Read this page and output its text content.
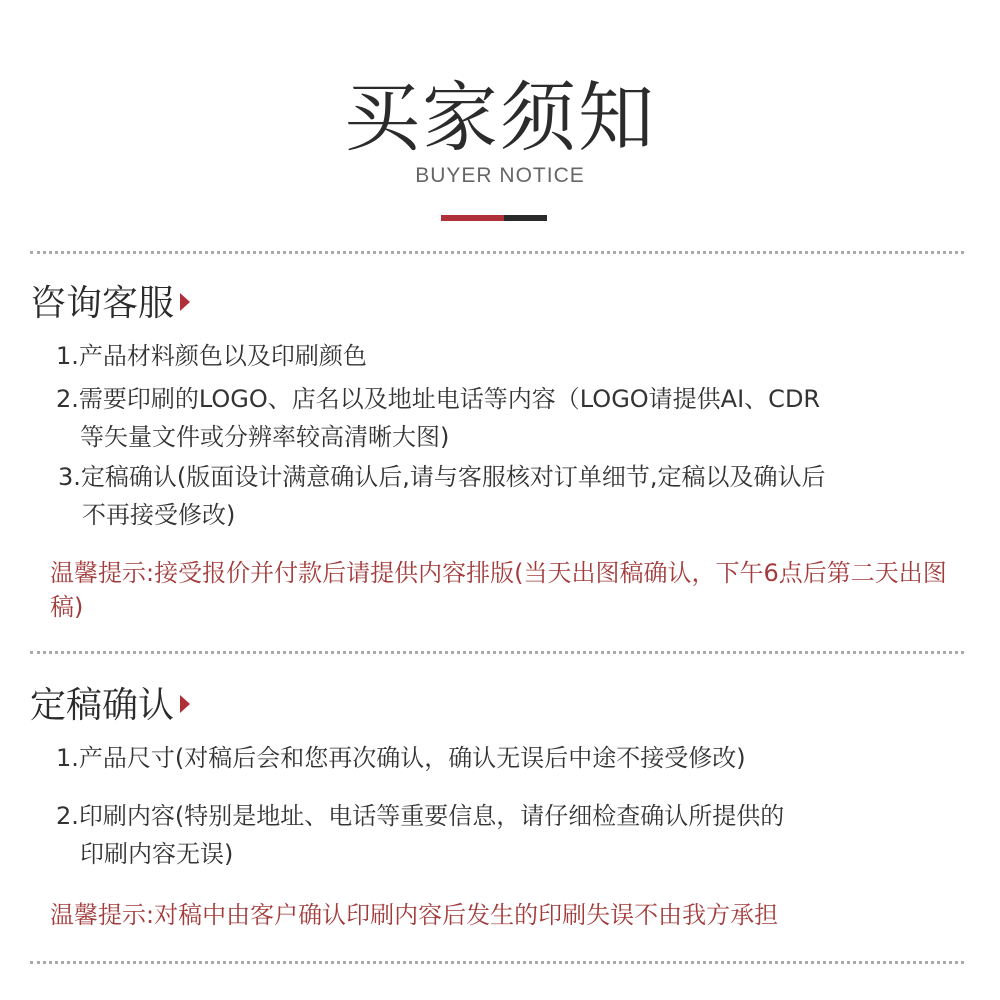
买家须知
BUYER NOTICE
咨询客服
1.产品材料颜色以及印刷颜色
2.需要印刷的LOGO、店名以及地址电话等内容（LOGO请提供AI、CDR
等矢量文件或分辨率较高清晰大图)
3.定稿确认(版面设计满意确认后,请与客服核对订单细节,定稿以及确认后
不再接受修改)
温馨提示:接受报价并付款后请提供内容排版(当天出图稿确认，下午6点后第二天出图稿)
定稿确认
1.产品尺寸(对稿后会和您再次确认，确认无误后中途不接受修改)
2.印刷内容(特别是地址、电话等重要信息，请仔细检查确认所提供的
印刷内容无误)
温馨提示:对稿中由客户确认印刷内容后发生的印刷失误不由我方承担
